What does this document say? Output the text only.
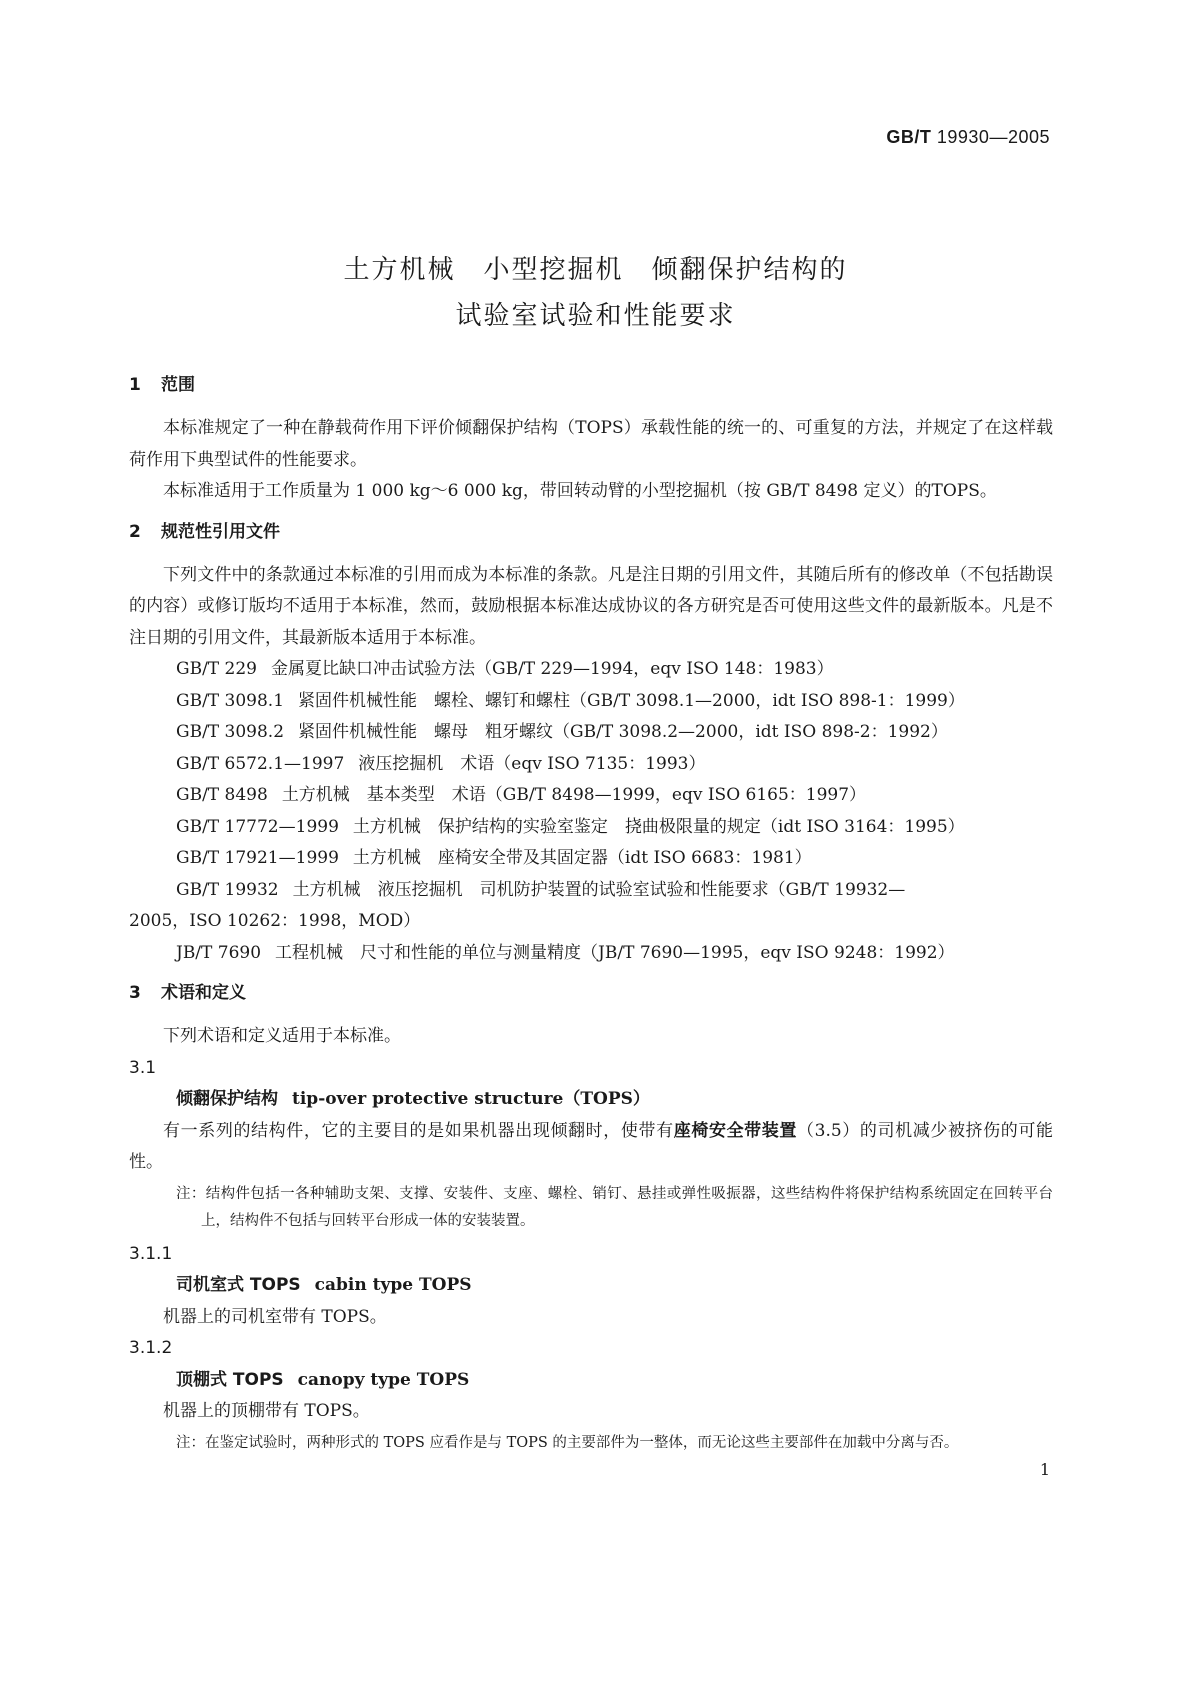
GB/T 19930—2005
土方机械　小型挖掘机　倾翻保护结构的
试验室试验和性能要求
1 范围

本标准规定了一种在静载荷作用下评价倾翻保护结构（TOPS）承载性能的统一的、可重复的方法，并规定了在这样载荷作用下典型试件的性能要求。

本标准适用于工作质量为 1 000 kg～6 000 kg，带回转动臂的小型挖掘机（按 GB/T 8498 定义）的TOPS。

2 规范性引用文件

下列文件中的条款通过本标准的引用而成为本标准的条款。凡是注日期的引用文件，其随后所有的修改单（不包括勘误的内容）或修订版均不适用于本标准，然而，鼓励根据本标准达成协议的各方研究是否可使用这些文件的最新版本。凡是不注日期的引用文件，其最新版本适用于本标准。

GB/T 229 金属夏比缺口冲击试验方法（GB/T 229—1994，eqv ISO 148：1983）

GB/T 3098.1 紧固件机械性能　螺栓、螺钉和螺柱（GB/T 3098.1—2000，idt ISO 898-1：1999）

GB/T 3098.2 紧固件机械性能　螺母　粗牙螺纹（GB/T 3098.2—2000，idt ISO 898-2：1992）

GB/T 6572.1—1997 液压挖掘机　术语（eqv ISO 7135：1993）

GB/T 8498 土方机械　基本类型　术语（GB/T 8498—1999，eqv ISO 6165：1997）

GB/T 17772—1999 土方机械　保护结构的实验室鉴定　挠曲极限量的规定（idt ISO 3164：1995）

GB/T 17921—1999 土方机械　座椅安全带及其固定器（idt ISO 6683：1981）

GB/T 19932 土方机械　液压挖掘机　司机防护装置的试验室试验和性能要求（GB/T 19932—

2005，ISO 10262：1998，MOD）

JB/T 7690 工程机械　尺寸和性能的单位与测量精度（JB/T 7690—1995，eqv ISO 9248：1992）

3 术语和定义

下列术语和定义适用于本标准。

3.1

倾翻保护结构 tip-over protective structure（TOPS）

有一系列的结构件，它的主要目的是如果机器出现倾翻时，使带有座椅安全带装置（3.5）的司机减少被挤伤的可能性。

注：结构件包括一各种辅助支架、支撑、安装件、支座、螺栓、销钉、悬挂或弹性吸振器，这些结构件将保护结构系统固定在回转平台上，结构件不包括与回转平台形成一体的安装装置。

3.1.1

司机室式 TOPS cabin type TOPS

机器上的司机室带有 TOPS。

3.1.2

顶棚式 TOPS canopy type TOPS

机器上的顶棚带有 TOPS。

注：在鉴定试验时，两种形式的 TOPS 应看作是与 TOPS 的主要部件为一整体，而无论这些主要部件在加载中分离与否。

1
